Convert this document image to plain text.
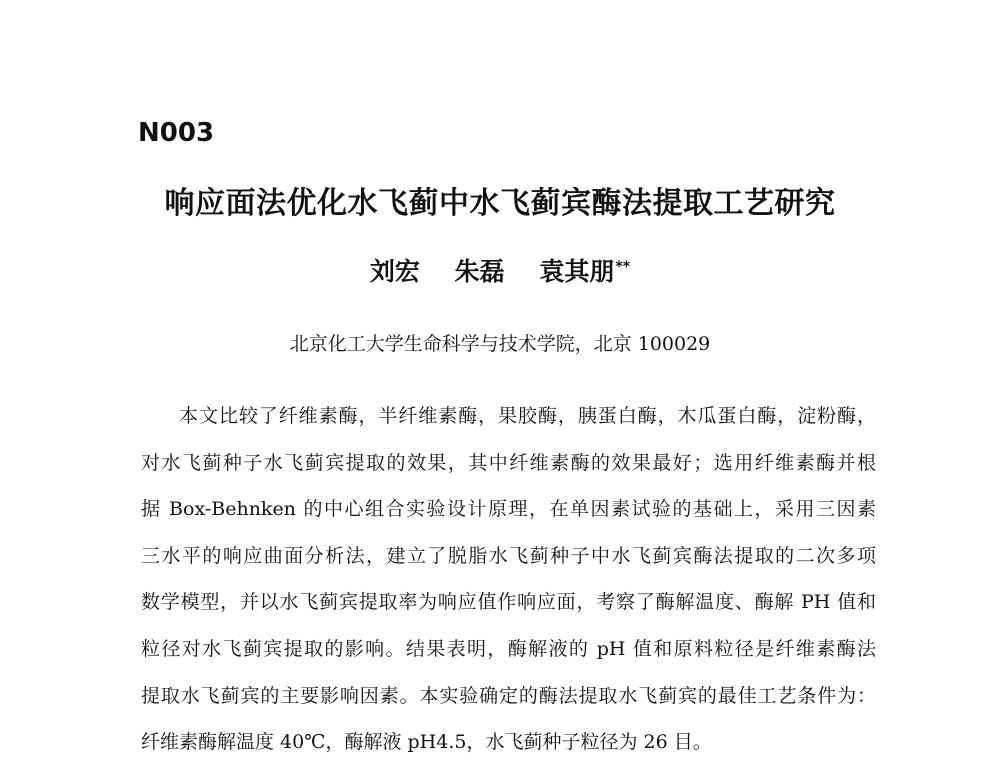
N003
响应面法优化水飞蓟中水飞蓟宾酶法提取工艺研究
刘宏 朱磊 袁其朋**
北京化工大学生命科学与技术学院，北京 100029
本文比较了纤维素酶，半纤维素酶，果胶酶，胰蛋白酶，木瓜蛋白酶，淀粉酶，
对水飞蓟种子水飞蓟宾提取的效果，其中纤维素酶的效果最好；选用纤维素酶并根
据 Box-Behnken 的中心组合实验设计原理，在单因素试验的基础上，采用三因素
三水平的响应曲面分析法，建立了脱脂水飞蓟种子中水飞蓟宾酶法提取的二次多项
数学模型，并以水飞蓟宾提取率为响应值作响应面，考察了酶解温度、酶解 PH 值和
粒径对水飞蓟宾提取的影响。结果表明，酶解液的 pH 值和原料粒径是纤维素酶法
提取水飞蓟宾的主要影响因素。本实验确定的酶法提取水飞蓟宾的最佳工艺条件为：
纤维素酶解温度 40℃，酶解液 pH4.5，水飞蓟种子粒径为 26 目。
